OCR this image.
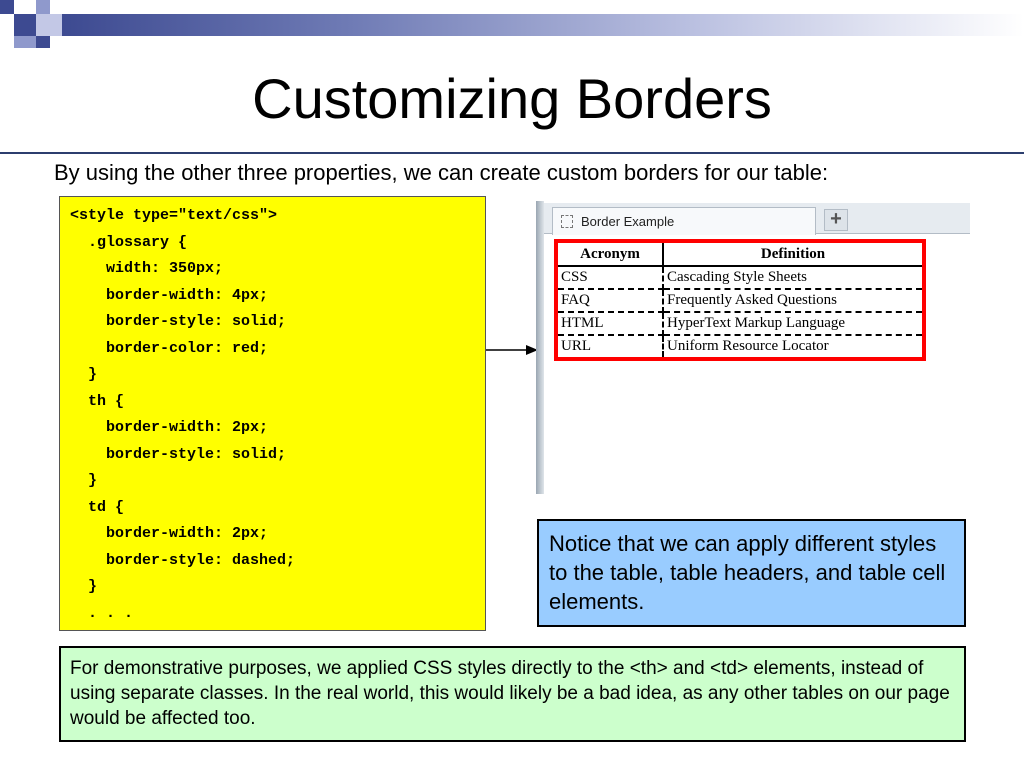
Customizing Borders

By using the other three properties, we can create custom borders for our table:

<style type="text/css">
.glossary {
width: 350px;
border-width: 4px;
border-style: solid;
border-color: red;
}
th {
border-width: 2px;
border-style: solid;
}
td {
border-width: 2px;
border-style: dashed;
}
. . .
Border Example	+
Acronym	Definition
CSS	Cascading Style Sheets
FAQ	Frequently Asked Questions
HTML	HyperText Markup Language
URL	Uniform Resource Locator
Notice that we can apply different styles to the table, table headers, and table cell elements.
For demonstrative purposes, we applied CSS styles directly to the <th> and <td> elements, instead of using separate classes. In the real world, this would likely be a bad idea, as any other tables on our page would be affected too.
